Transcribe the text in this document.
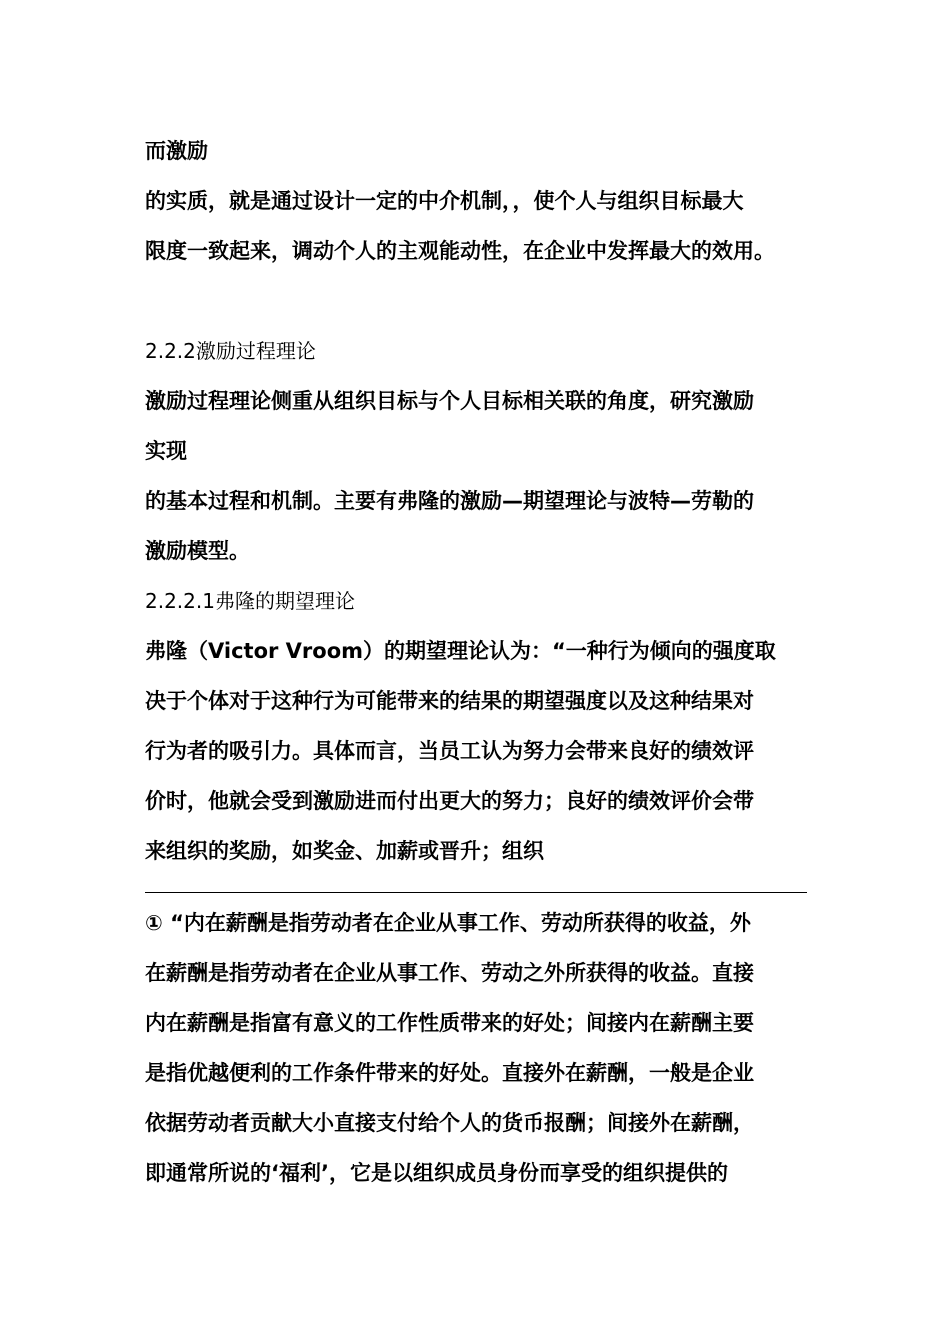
而激励
的实质，就是通过设计一定的中介机制，，使个人与组织目标最大
限度一致起来，调动个人的主观能动性，在企业中发挥最大的效用。
2.2.2激励过程理论
激励过程理论侧重从组织目标与个人目标相关联的角度，研究激励
实现
的基本过程和机制。主要有弗隆的激励—期望理论与波特—劳勒的
激励模型。
2.2.2.1弗隆的期望理论
弗隆（Victor Vroom）的期望理论认为：“一种行为倾向的强度取
决于个体对于这种行为可能带来的结果的期望强度以及这种结果对
行为者的吸引力。具体而言，当员工认为努力会带来良好的绩效评
价时，他就会受到激励进而付出更大的努力；良好的绩效评价会带
来组织的奖励，如奖金、加薪或晋升；组织
① “内在薪酬是指劳动者在企业从事工作、劳动所获得的收益，外
在薪酬是指劳动者在企业从事工作、劳动之外所获得的收益。直接
内在薪酬是指富有意义的工作性质带来的好处；间接内在薪酬主要
是指优越便利的工作条件带来的好处。直接外在薪酬，一般是企业
依据劳动者贡献大小直接支付给个人的货币报酬；间接外在薪酬，
即通常所说的‘福利’，它是以组织成员身份而享受的组织提供的
